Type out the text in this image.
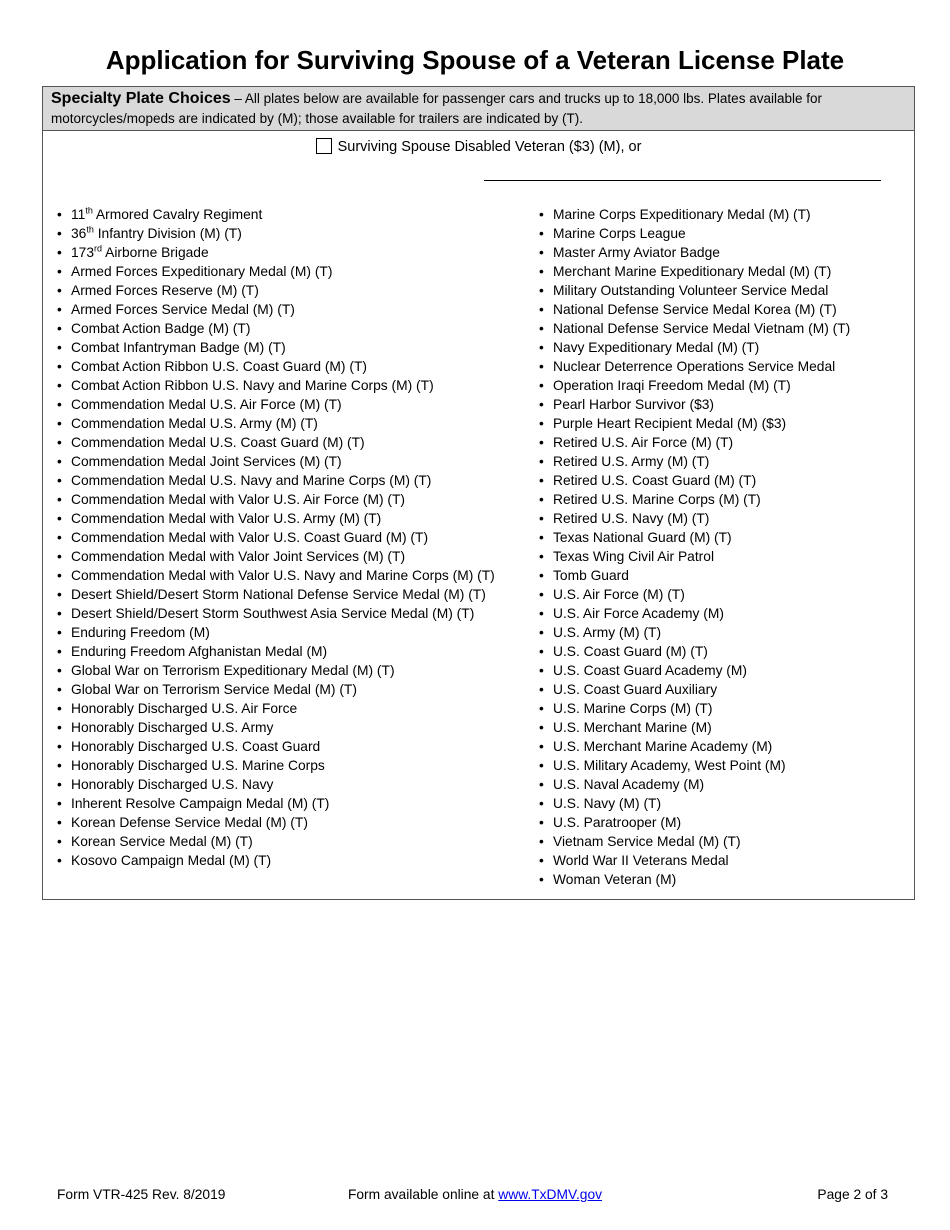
Application for Surviving Spouse of a Veteran License Plate
Specialty Plate Choices – All plates below are available for passenger cars and trucks up to 18,000 lbs. Plates available for motorcycles/mopeds are indicated by (M); those available for trailers are indicated by (T).
Surviving Spouse Disabled Veteran ($3) (M), or
• 11th Armored Cavalry Regiment
• 36th Infantry Division (M) (T)
• 173rd Airborne Brigade
• Armed Forces Expeditionary Medal (M) (T)
• Armed Forces Reserve (M) (T)
• Armed Forces Service Medal (M) (T)
• Combat Action Badge (M) (T)
• Combat Infantryman Badge (M) (T)
• Combat Action Ribbon U.S. Coast Guard (M) (T)
• Combat Action Ribbon U.S. Navy and Marine Corps (M) (T)
• Commendation Medal U.S. Air Force (M) (T)
• Commendation Medal U.S. Army (M) (T)
• Commendation Medal U.S. Coast Guard (M) (T)
• Commendation Medal Joint Services (M) (T)
• Commendation Medal U.S. Navy and Marine Corps (M) (T)
• Commendation Medal with Valor U.S. Air Force (M) (T)
• Commendation Medal with Valor U.S. Army (M) (T)
• Commendation Medal with Valor U.S. Coast Guard (M) (T)
• Commendation Medal with Valor Joint Services (M) (T)
• Commendation Medal with Valor U.S. Navy and Marine Corps (M) (T)
• Desert Shield/Desert Storm National Defense Service Medal (M) (T)
• Desert Shield/Desert Storm Southwest Asia Service Medal (M) (T)
• Enduring Freedom (M)
• Enduring Freedom Afghanistan Medal (M)
• Global War on Terrorism Expeditionary Medal (M) (T)
• Global War on Terrorism Service Medal (M) (T)
• Honorably Discharged U.S. Air Force
• Honorably Discharged U.S. Army
• Honorably Discharged U.S. Coast Guard
• Honorably Discharged U.S. Marine Corps
• Honorably Discharged U.S. Navy
• Inherent Resolve Campaign Medal (M) (T)
• Korean Defense Service Medal (M) (T)
• Korean Service Medal (M) (T)
• Kosovo Campaign Medal (M) (T)
• Marine Corps Expeditionary Medal (M) (T)
• Marine Corps League
• Master Army Aviator Badge
• Merchant Marine Expeditionary Medal (M) (T)
• Military Outstanding Volunteer Service Medal
• National Defense Service Medal Korea (M) (T)
• National Defense Service Medal Vietnam (M) (T)
• Navy Expeditionary Medal (M) (T)
• Nuclear Deterrence Operations Service Medal
• Operation Iraqi Freedom Medal (M) (T)
• Pearl Harbor Survivor ($3)
• Purple Heart Recipient Medal (M) ($3)
• Retired U.S. Air Force (M) (T)
• Retired U.S. Army (M) (T)
• Retired U.S. Coast Guard (M) (T)
• Retired U.S. Marine Corps (M) (T)
• Retired U.S. Navy (M) (T)
• Texas National Guard (M) (T)
• Texas Wing Civil Air Patrol
• Tomb Guard
• U.S. Air Force (M) (T)
• U.S. Air Force Academy (M)
• U.S. Army (M) (T)
• U.S. Coast Guard (M) (T)
• U.S. Coast Guard Academy (M)
• U.S. Coast Guard Auxiliary
• U.S. Marine Corps (M) (T)
• U.S. Merchant Marine (M)
• U.S. Merchant Marine Academy (M)
• U.S. Military Academy, West Point (M)
• U.S. Naval Academy (M)
• U.S. Navy (M) (T)
• U.S. Paratrooper (M)
• Vietnam Service Medal (M) (T)
• World War II Veterans Medal
• Woman Veteran (M)
Form VTR-425 Rev. 8/2019	Form available online at www.TxDMV.gov	Page 2 of 3
